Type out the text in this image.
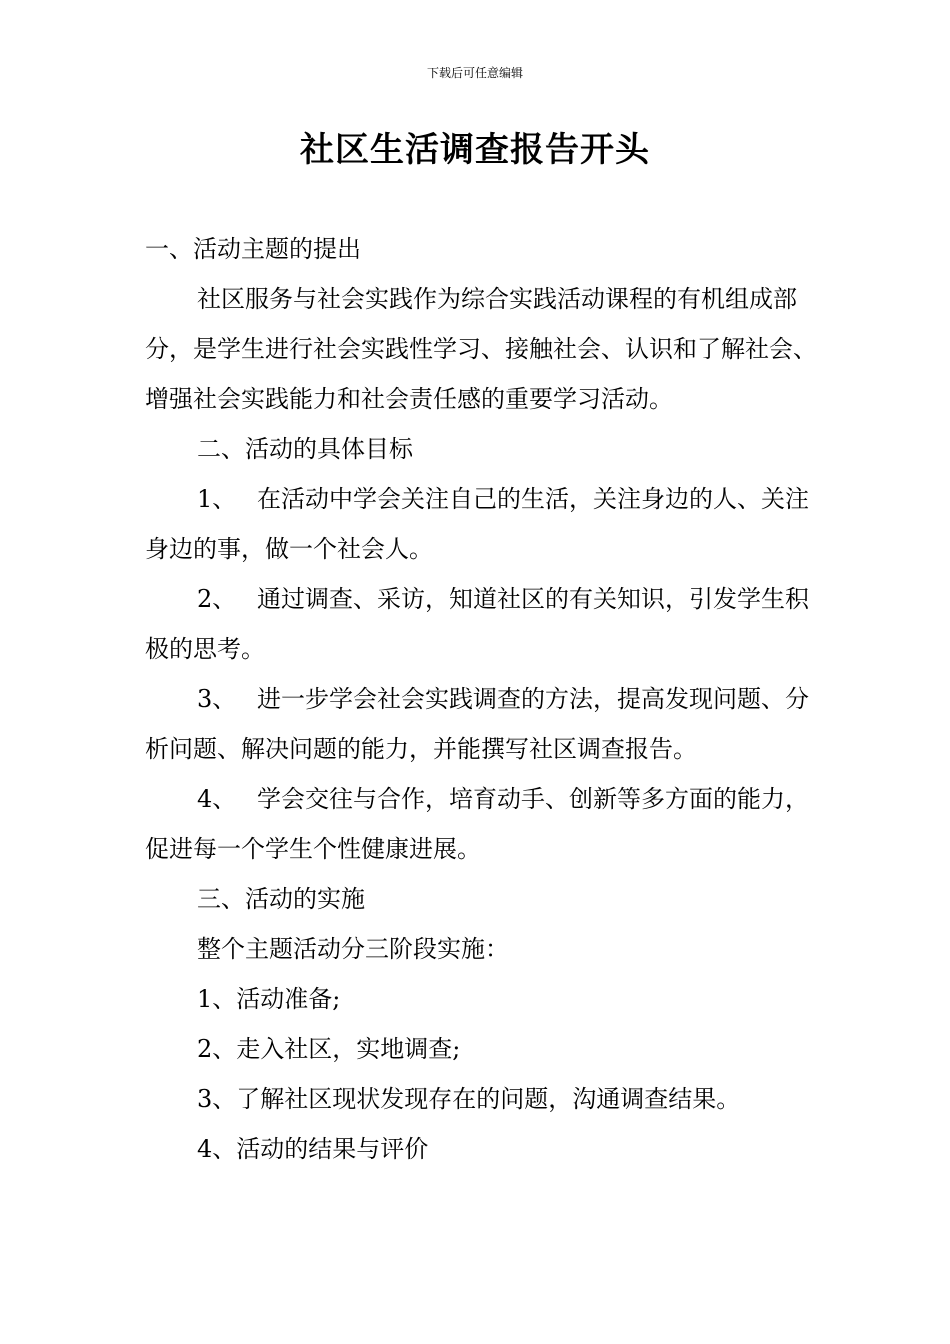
下载后可任意编辑
社区生活调查报告开头

一、活动主题的提出

社区服务与社会实践作为综合实践活动课程的有机组成部分，是学生进行社会实践性学习、接触社会、认识和了解社会、增强社会实践能力和社会责任感的重要学习活动。

二、活动的具体目标

1、 在活动中学会关注自己的生活，关注身边的人、关注身边的事，做一个社会人。

2、 通过调查、采访，知道社区的有关知识，引发学生积极的思考。

3、 进一步学会社会实践调查的方法，提高发现问题、分析问题、解决问题的能力，并能撰写社区调查报告。

4、 学会交往与合作，培育动手、创新等多方面的能力，促进每一个学生个性健康进展。

三、活动的实施

整个主题活动分三阶段实施：

1、活动准备;

2、走入社区，实地调查;

3、了解社区现状发现存在的问题，沟通调查结果。

4、活动的结果与评价
